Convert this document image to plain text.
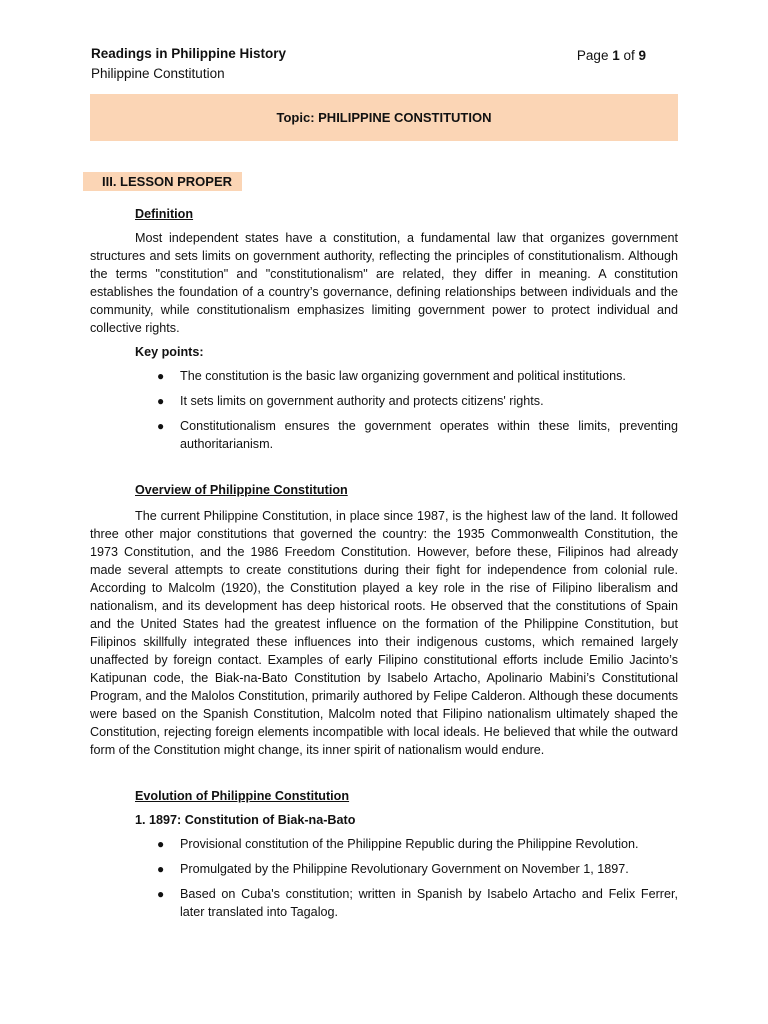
Readings in Philippine History
Philippine Constitution
Page 1 of 9
Topic: PHILIPPINE CONSTITUTION
III. LESSON PROPER

Definition

Most independent states have a constitution, a fundamental law that organizes government structures and sets limits on government authority, reflecting the principles of constitutionalism. Although the terms "constitution" and "constitutionalism" are related, they differ in meaning. A constitution establishes the foundation of a country’s governance, defining relationships between individuals and the community, while constitutionalism emphasizes limiting government power to protect individual and collective rights.

Key points:

● The constitution is the basic law organizing government and political institutions.
● It sets limits on government authority and protects citizens' rights.
● Constitutionalism ensures the government operates within these limits, preventing authoritarianism.

Overview of Philippine Constitution

The current Philippine Constitution, in place since 1987, is the highest law of the land. It followed three other major constitutions that governed the country: the 1935 Commonwealth Constitution, the 1973 Constitution, and the 1986 Freedom Constitution. However, before these, Filipinos had already made several attempts to create constitutions during their fight for independence from colonial rule. According to Malcolm (1920), the Constitution played a key role in the rise of Filipino liberalism and nationalism, and its development has deep historical roots. He observed that the constitutions of Spain and the United States had the greatest influence on the formation of the Philippine Constitution, but Filipinos skillfully integrated these influences into their indigenous customs, which remained largely unaffected by foreign contact. Examples of early Filipino constitutional efforts include Emilio Jacinto’s Katipunan code, the Biak-na-Bato Constitution by Isabelo Artacho, Apolinario Mabini’s Constitutional Program, and the Malolos Constitution, primarily authored by Felipe Calderon. Although these documents were based on the Spanish Constitution, Malcolm noted that Filipino nationalism ultimately shaped the Constitution, rejecting foreign elements incompatible with local ideals. He believed that while the outward form of the Constitution might change, its inner spirit of nationalism would endure.

Evolution of Philippine Constitution

1. 1897: Constitution of Biak-na-Bato

● Provisional constitution of the Philippine Republic during the Philippine Revolution.
● Promulgated by the Philippine Revolutionary Government on November 1, 1897.
● Based on Cuba's constitution; written in Spanish by Isabelo Artacho and Felix Ferrer, later translated into Tagalog.
